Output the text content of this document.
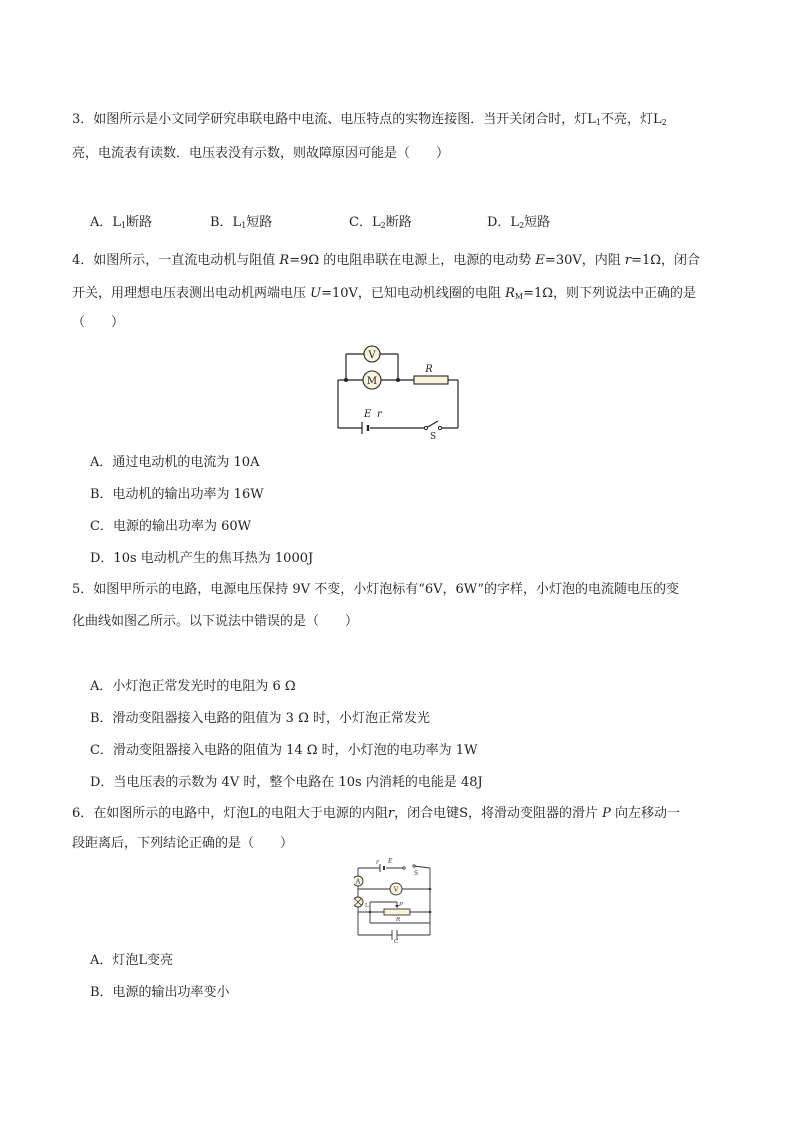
3．如图所示是小文同学研究串联电路中电流、电压特点的实物连接图．当开关闭合时，灯$L_1$不亮，灯$L_2$
亮，电流表有读数．电压表没有示数，则故障原因可能是（　　）
A．$L_1$断路	B．$L_1$短路	C．$L_2$断路	D．$L_2$短路
4．如图所示，一直流电动机与阻值 R=9Ω 的电阻串联在电源上，电源的电动势 E=30V，内阻 r=1Ω，闭合
开关，用理想电压表测出电动机两端电压 U=10V，已知电动机线圈的电阻 $R_M=1\Omega$，则下列说法中正确的是
（　　）
V
M
R
E r
S
A．通过电动机的电流为 10A
B．电动机的输出功率为 16W
C．电源的输出功率为 60W
D．10s 电动机产生的焦耳热为 1000J
5．如图甲所示的电路，电源电压保持 9V 不变，小灯泡标有“6V，6W”的字样，小灯泡的电流随电压的变
化曲线如图乙所示。以下说法中错误的是（　　）
A．小灯泡正常发光时的电阻为 6 Ω
B．滑动变阻器接入电路的阻值为 3 Ω 时，小灯泡正常发光
C．滑动变阻器接入电路的阻值为 14 Ω 时，小灯泡的电功率为 1W
D．当电压表的示数为 4V 时，整个电路在 10s 内消耗的电能是 48J
6．在如图所示的电路中，灯泡L的电阻大于电源的内阻r，闭合电键S，将滑动变阻器的滑片 P 向左移动一
段距离后，下列结论正确的是（　　）
r E
S
A
V
L	P
R
C
A．灯泡L变亮
B．电源的输出功率变小
